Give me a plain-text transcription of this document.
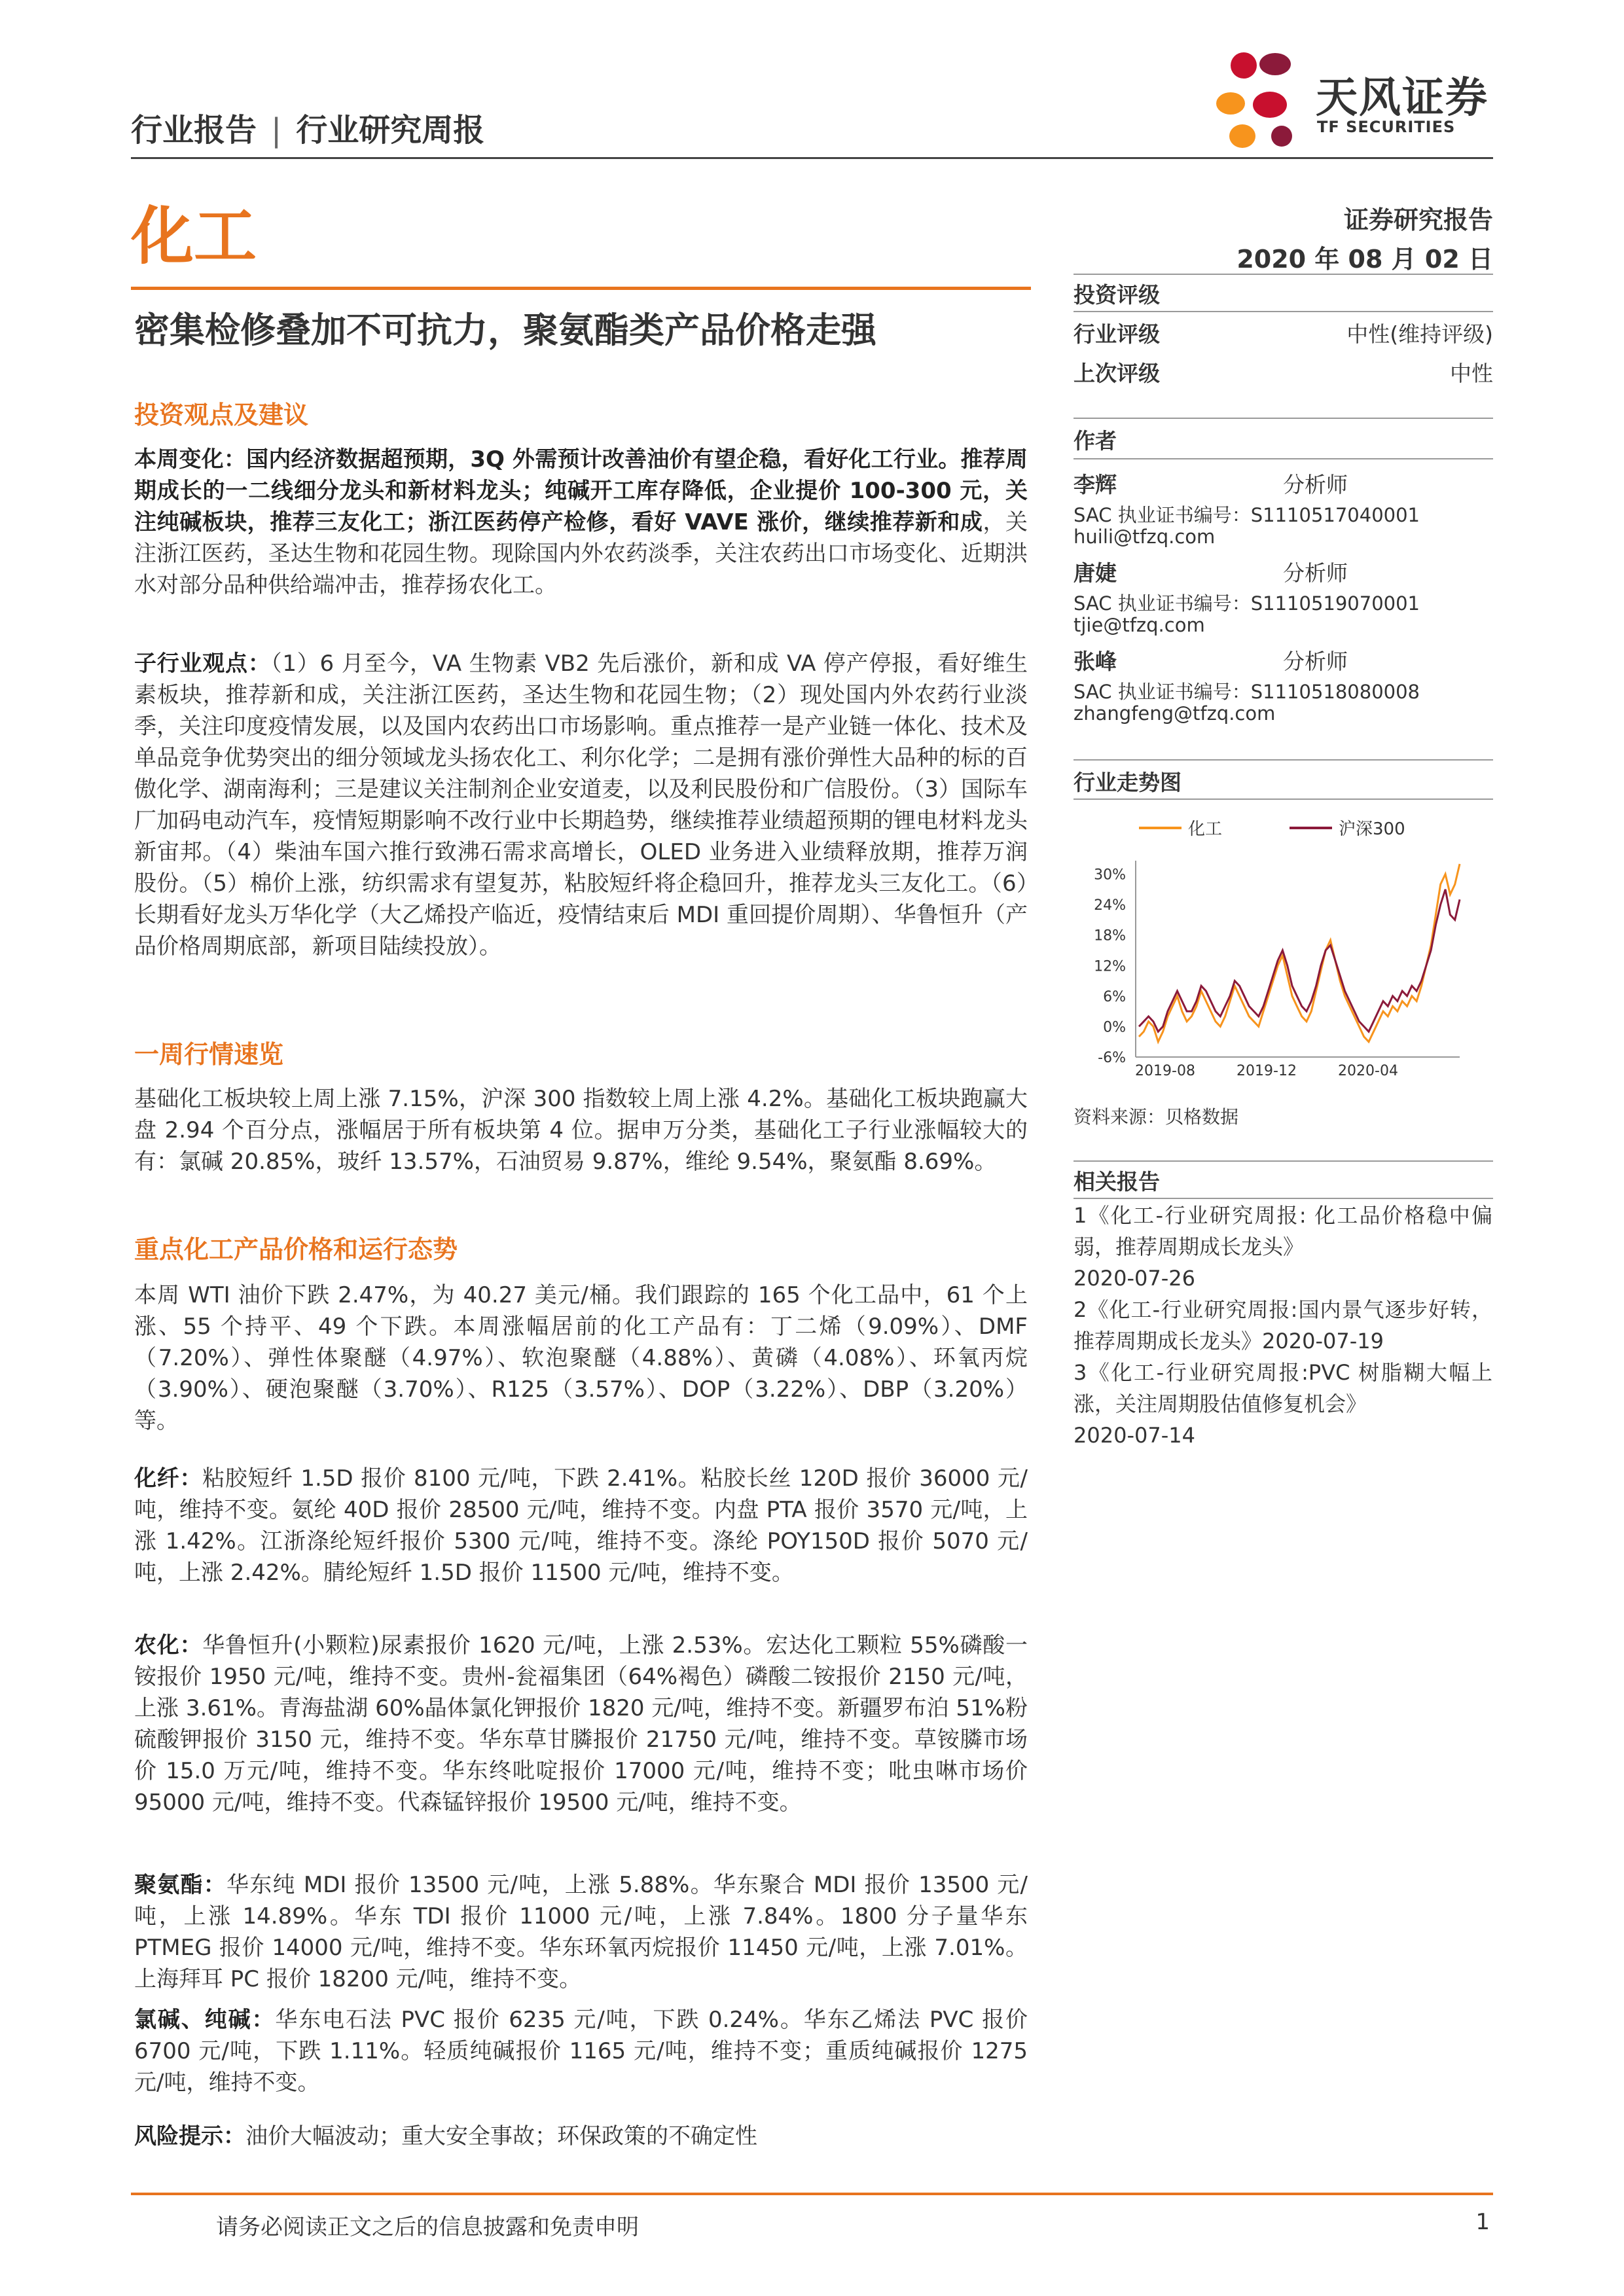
行业报告 | 行业研究周报
天风证券
TF SECURITIES
化工	证券研究报告
2020 年 08 月 02 日
密集检修叠加不可抗力，聚氨酯类产品价格走强
投资观点及建议
本周变化：国内经济数据超预期，3Q 外需预计改善油价有望企稳，看好化工行业。推荐周期成长的一二线细分龙头和新材料龙头；纯碱开工库存降低，企业提价 100-300 元，关注纯碱板块，推荐三友化工；浙江医药停产检修，看好 VAVE 涨价，继续推荐新和成，关注浙江医药，圣达生物和花园生物。现除国内外农药淡季，关注农药出口市场变化、近期洪水对部分品种供给端冲击，推荐扬农化工。
子行业观点：（1）6 月至今，VA 生物素 VB2 先后涨价，新和成 VA 停产停报，看好维生素板块，推荐新和成，关注浙江医药，圣达生物和花园生物；（2）现处国内外农药行业淡季，关注印度疫情发展，以及国内农药出口市场影响。重点推荐一是产业链一体化、技术及单品竞争优势突出的细分领域龙头扬农化工、利尔化学；二是拥有涨价弹性大品种的标的百傲化学、湖南海利；三是建议关注制剂企业安道麦，以及利民股份和广信股份。（3）国际车厂加码电动汽车，疫情短期影响不改行业中长期趋势，继续推荐业绩超预期的锂电材料龙头新宙邦。（4）柴油车国六推行致沸石需求高增长，OLED 业务进入业绩释放期，推荐万润股份。（5）棉价上涨，纺织需求有望复苏，粘胶短纤将企稳回升，推荐龙头三友化工。（6）长期看好龙头万华化学（大乙烯投产临近，疫情结束后 MDI 重回提价周期）、华鲁恒升（产品价格周期底部，新项目陆续投放）。
一周行情速览
基础化工板块较上周上涨 7.15%，沪深 300 指数较上周上涨 4.2%。基础化工板块跑赢大盘 2.94 个百分点，涨幅居于所有板块第 4 位。据申万分类，基础化工子行业涨幅较大的有：氯碱 20.85%，玻纤 13.57%，石油贸易 9.87%，维纶 9.54%，聚氨酯 8.69%。
重点化工产品价格和运行态势
本周 WTI 油价下跌 2.47%，为 40.27 美元/桶。我们跟踪的 165 个化工品中，61 个上涨、55 个持平、49 个下跌。本周涨幅居前的化工产品有：丁二烯（9.09%）、DMF（7.20%）、弹性体聚醚（4.97%）、软泡聚醚（4.88%）、黄磷（4.08%）、环氧丙烷（3.90%）、硬泡聚醚（3.70%）、R125（3.57%）、DOP（3.22%）、DBP（3.20%）等。
化纤：粘胶短纤 1.5D 报价 8100 元/吨，下跌 2.41%。粘胶长丝 120D 报价 36000 元/吨，维持不变。氨纶 40D 报价 28500 元/吨，维持不变。内盘 PTA 报价 3570 元/吨，上涨 1.42%。江浙涤纶短纤报价 5300 元/吨，维持不变。涤纶 POY150D 报价 5070 元/吨，上涨 2.42%。腈纶短纤 1.5D 报价 11500 元/吨，维持不变。
农化：华鲁恒升(小颗粒)尿素报价 1620 元/吨，上涨 2.53%。宏达化工颗粒 55%磷酸一铵报价 1950 元/吨，维持不变。贵州-瓮福集团（64%褐色）磷酸二铵报价 2150 元/吨，上涨 3.61%。青海盐湖 60%晶体氯化钾报价 1820 元/吨，维持不变。新疆罗布泊 51%粉硫酸钾报价 3150 元，维持不变。华东草甘膦报价 21750 元/吨，维持不变。草铵膦市场价 15.0 万元/吨，维持不变。华东终吡啶报价 17000 元/吨，维持不变；吡虫啉市场价 95000 元/吨，维持不变。代森锰锌报价 19500 元/吨，维持不变。
聚氨酯：华东纯 MDI 报价 13500 元/吨，上涨 5.88%。华东聚合 MDI 报价 13500 元/吨，上涨 14.89%。华东 TDI 报价 11000 元/吨，上涨 7.84%。1800 分子量华东 PTMEG 报价 14000 元/吨，维持不变。华东环氧丙烷报价 11450 元/吨，上涨 7.01%。上海拜耳 PC 报价 18200 元/吨，维持不变。
氯碱、纯碱：华东电石法 PVC 报价 6235 元/吨，下跌 0.24%。华东乙烯法 PVC 报价 6700 元/吨，下跌 1.11%。轻质纯碱报价 1165 元/吨，维持不变；重质纯碱报价 1275 元/吨，维持不变。
风险提示：油价大幅波动；重大安全事故；环保政策的不确定性
投资评级
行业评级	中性(维持评级)
上次评级	中性
作者
李辉	分析师
SAC 执业证书编号：S1110517040001
huili@tfzq.com
唐婕	分析师
SAC 执业证书编号：S1110519070001
tjie@tfzq.com
张峰	分析师
SAC 执业证书编号：S1110518080008
zhangfeng@tfzq.com
行业走势图
化工	沪深300
30%
24%
18%
12%
6%
0%
-6%
2019-08	2019-12	2020-04
资料来源：贝格数据
相关报告
1《化工-行业研究周报: 化工品价格稳中偏弱，推荐周期成长龙头》
2020-07-26
2《化工-行业研究周报:国内景气逐步好转，推荐周期成长龙头》2020-07-19
3《化工-行业研究周报:PVC 树脂糊大幅上涨，关注周期股估值修复机会》
2020-07-14
请务必阅读正文之后的信息披露和免责申明	1
